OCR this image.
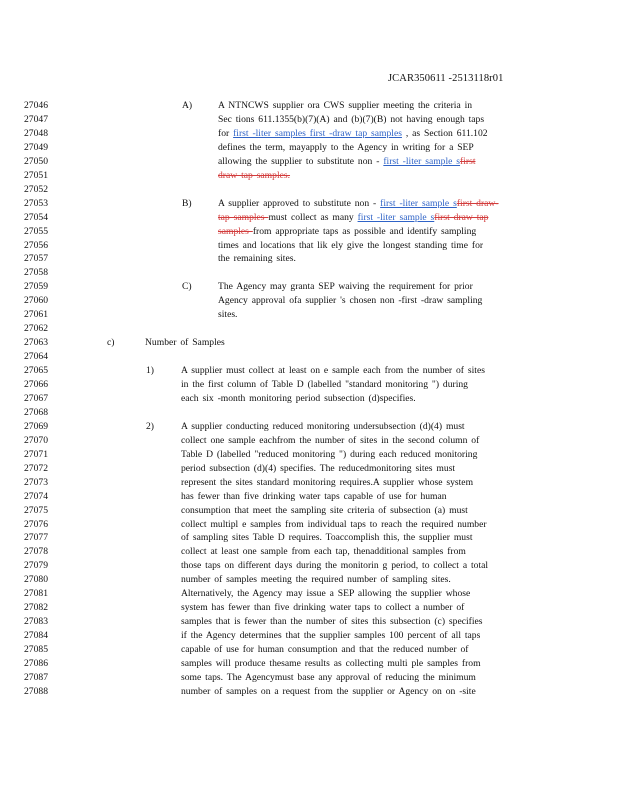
JCAR350611 -2513118r01
27046	A)	A NTNCWS supplier ora CWS supplier meeting the criteria in
27047	Sec tions 611.1355(b)(7)(A) and (b)(7)(B) not having enough taps
27048	for first -liter samples first -draw tap samples , as Section 611.102
27049	defines the term, mayapply to the Agency in writing for a SEP
27050	allowing the supplier to substitute non - first -liter sample sfirst
27051	draw tap samples.
27052
27053	B)	A supplier approved to substitute non - first -liter sample sfirst draw-
27054	tap samples must collect as many first -liter sample sfirst draw tap
27055	samples from appropriate taps as possible and identify sampling
27056	times and locations that lik ely give the longest standing time for
27057	the remaining sites.
27058
27059	C)	The Agency may granta SEP waiving the requirement for prior
27060	Agency approval ofa supplier 's chosen non -first -draw sampling
27061	sites.
27062
27063	c)	Number of Samples
27064
27065	1)	A supplier must collect at least on e sample each from the number of sites
27066	in the first column of Table D (labelled "standard monitoring ") during
27067	each six -month monitoring period subsection (d)specifies.
27068
27069	2)	A supplier conducting reduced monitoring undersubsection (d)(4) must
27070	collect one sample eachfrom the number of sites in the second column of
27071	Table D (labelled "reduced monitoring ") during each reduced monitoring
27072	period subsection (d)(4) specifies. The reducedmonitoring sites must
27073	represent the sites standard monitoring requires.A supplier whose system
27074	has fewer than five drinking water taps capable of use for human
27075	consumption that meet the sampling site criteria of subsection (a) must
27076	collect multipl e samples from individual taps to reach the required number
27077	of sampling sites Table D requires. Toaccomplish this, the supplier must
27078	collect at least one sample from each tap, thenadditional samples from
27079	those taps on different days during the monitorin g period, to collect a total
27080	number of samples meeting the required number of sampling sites.
27081	Alternatively, the Agency may issue a SEP allowing the supplier whose
27082	system has fewer than five drinking water taps to collect a number of
27083	samples that is fewer than the number of sites this subsection (c) specifies
27084	if the Agency determines that the supplier samples 100 percent of all taps
27085	capable of use for human consumption and that the reduced number of
27086	samples will produce thesame results as collecting multi ple samples from
27087	some taps. The Agencymust base any approval of reducing the minimum
27088	number of samples on a request from the supplier or Agency on on -site
